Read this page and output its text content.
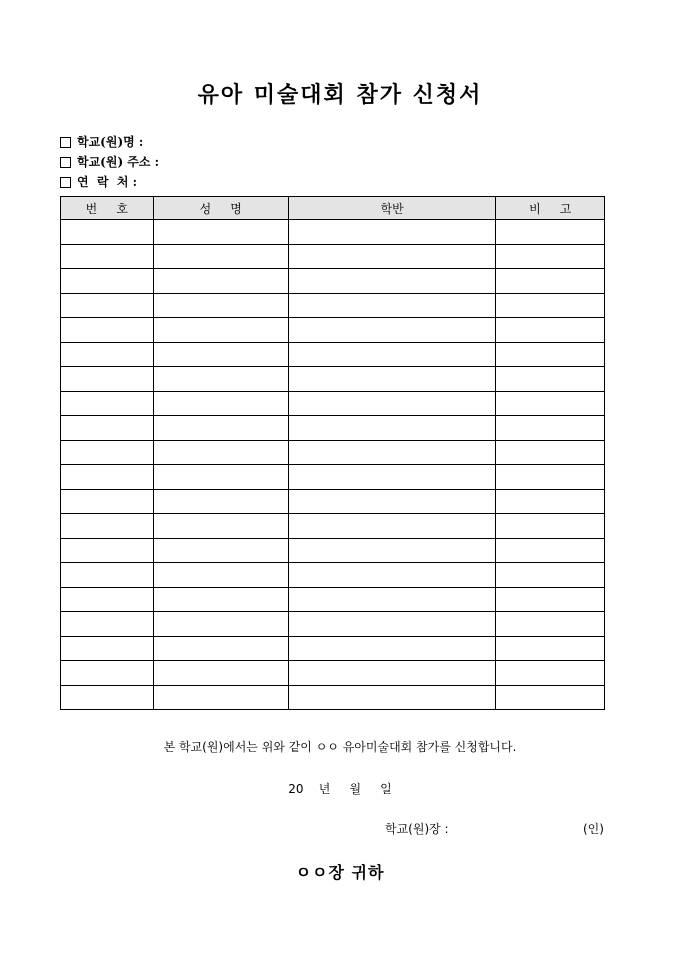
유아 미술대회 참가 신청서
학교(원)명 :
학교(원) 주소 :
연  락  처 :
번     호	성     명	학반	비     고

본 학교(원)에서는 위와 같이 ㅇㅇ 유아미술대회 참가를 신청합니다.
20    년     월     일
학교(원)장 :	(인)
ㅇㅇ장 귀하
